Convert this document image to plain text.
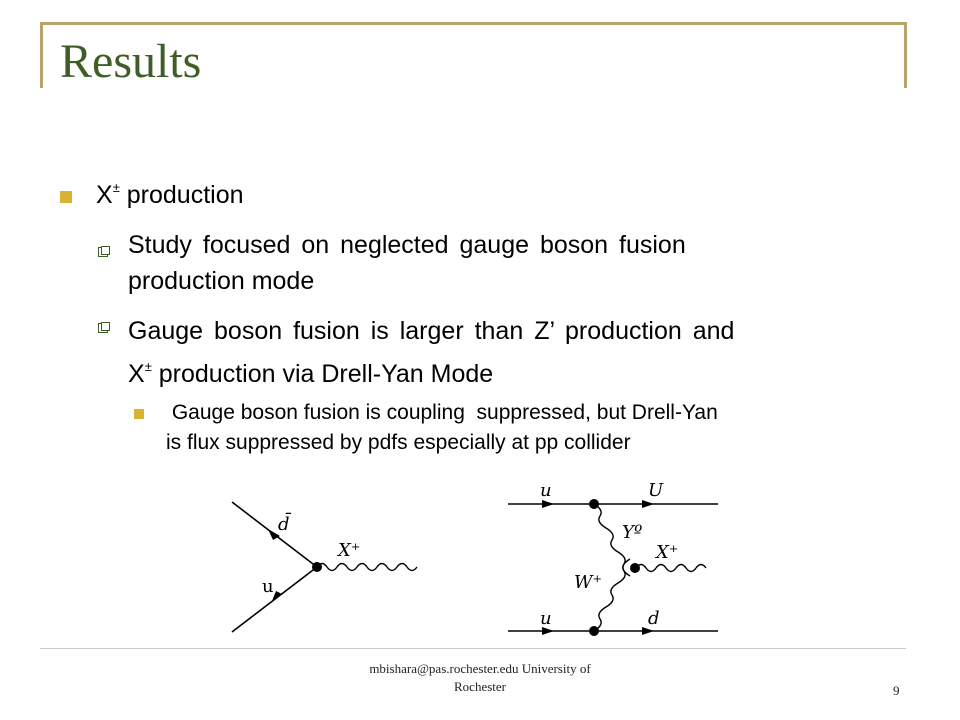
Results
X± production
Study focused on neglected gauge boson fusion
production mode
Gauge boson fusion is larger than Z’ production and
X± production via Drell-Yan Mode
Gauge boson fusion is coupling  suppressed, but Drell-Yan
is flux suppressed by pdfs especially at pp collider
d̄
u
X⁺
u	U
Yº
X⁺
W⁺
u	d
mbishara@pas.rochester.edu University of
Rochester	9
